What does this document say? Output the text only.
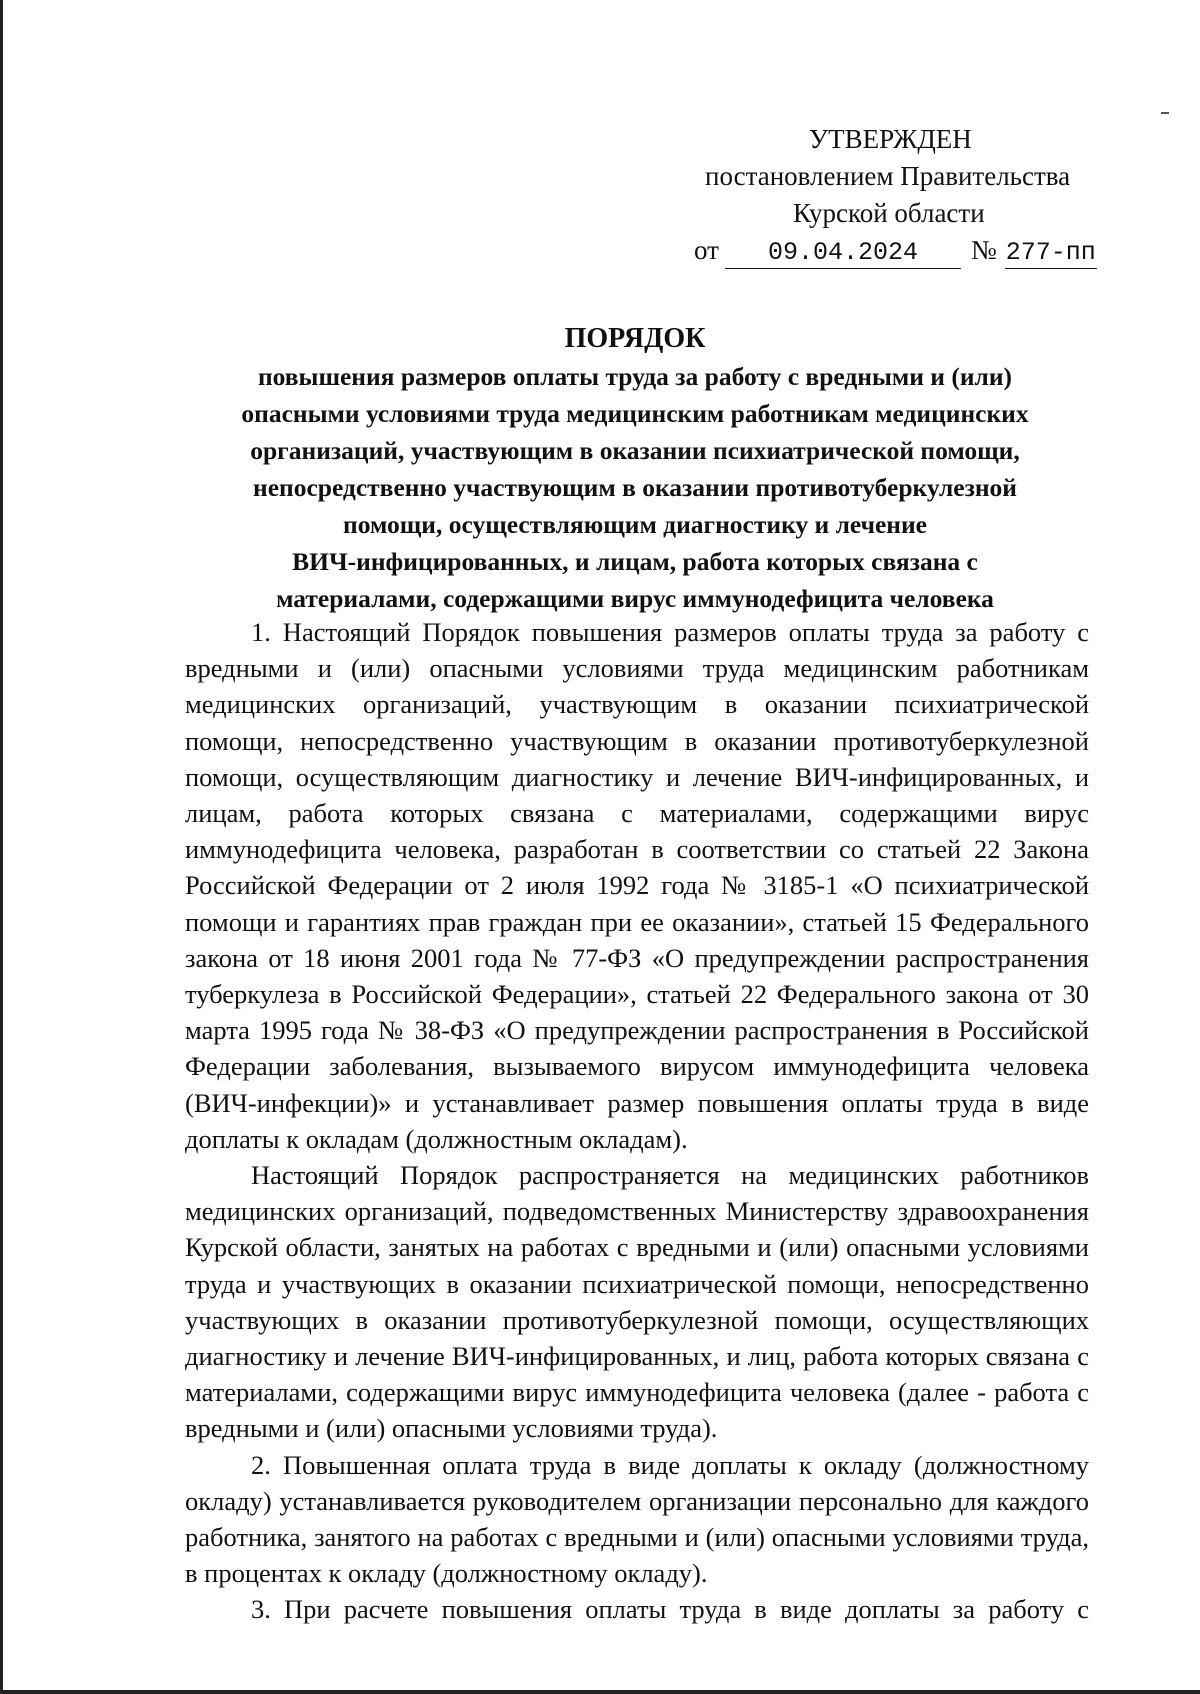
УТВЕРЖДЕН
постановлением Правительства
Курской области
от 09.04.2024 № 277-пп
ПОРЯДОК
повышения размеров оплаты труда за работу с вредными и (или)
опасными условиями труда медицинским работникам медицинских
организаций, участвующим в оказании психиатрической помощи,
непосредственно участвующим в оказании противотуберкулезной
помощи, осуществляющим диагностику и лечение
ВИЧ-инфицированных, и лицам, работа которых связана с
материалами, содержащими вирус иммунодефицита человека

1. Настоящий Порядок повышения размеров оплаты труда за работу с вредными и (или) опасными условиями труда медицинским работникам медицинских организаций, участвующим в оказании психиатрической помощи, непосредственно участвующим в оказании противотуберкулезной помощи, осуществляющим диагностику и лечение ВИЧ-инфицированных, и лицам, работа которых связана с материалами, содержащими вирус иммунодефицита человека, разработан в соответствии со статьей 22 Закона Российской Федерации от 2 июля 1992 года № 3185-1 «О психиатрической помощи и гарантиях прав граждан при ее оказании», статьей 15 Федерального закона от 18 июня 2001 года № 77-ФЗ «О предупреждении распространения туберкулеза в Российской Федерации», статьей 22 Федерального закона от 30 марта 1995 года № 38-ФЗ «О предупреждении распространения в Российской Федерации заболевания, вызываемого вирусом иммунодефицита человека (ВИЧ-инфекции)» и устанавливает размер повышения оплаты труда в виде доплаты к окладам (должностным окладам).

Настоящий Порядок распространяется на медицинских работников медицинских организаций, подведомственных Министерству здравоохранения Курской области, занятых на работах с вредными и (или) опасными условиями труда и участвующих в оказании психиатрической помощи, непосредственно участвующих в оказании противотуберкулезной помощи, осуществляющих диагностику и лечение ВИЧ-инфицированных, и лиц, работа которых связана с материалами, содержащими вирус иммунодефицита человека (далее - работа с вредными и (или) опасными условиями труда).

2. Повышенная оплата труда в виде доплаты к окладу (должностному окладу) устанавливается руководителем организации персонально для каждого работника, занятого на работах с вредными и (или) опасными условиями труда, в процентах к окладу (должностному окладу).

3. При расчете повышения оплаты труда в виде доплаты за работу с
